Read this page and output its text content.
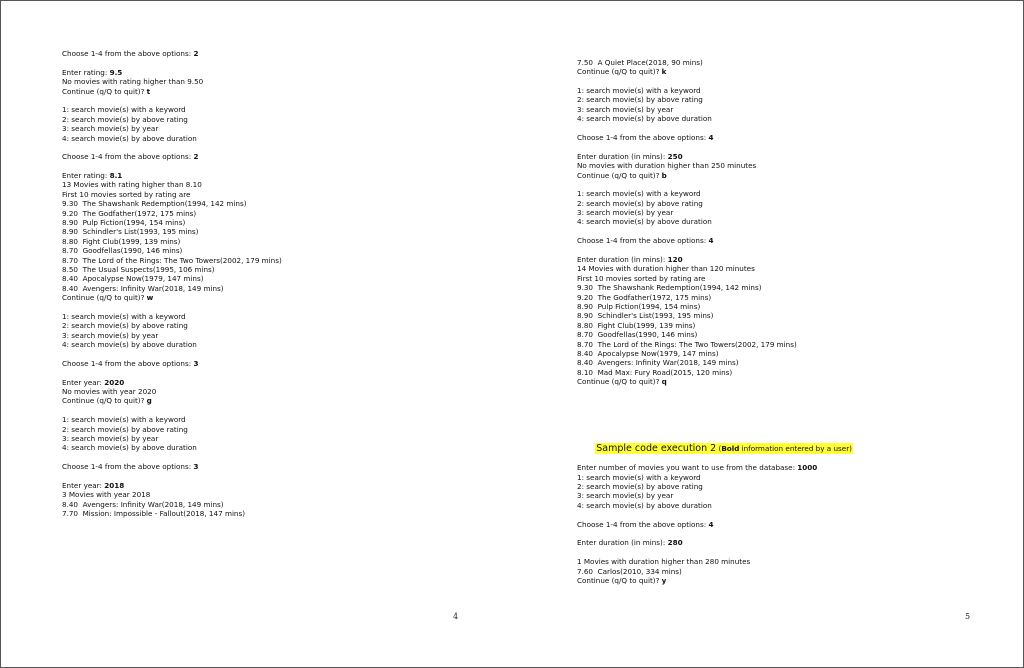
Choose 1-4 from the above options: 2
Enter rating: 9.5
No movies with rating higher than 9.50
Continue (q/Q to quit)? t
1: search movie(s) with a keyword
2: search movie(s) by above rating
3: search movie(s) by year
4: search movie(s) by above duration
Choose 1-4 from the above options: 2
Enter rating: 8.1
13 Movies with rating higher than 8.10
First 10 movies sorted by rating are
9.30  The Shawshank Redemption(1994, 142 mins)
9.20  The Godfather(1972, 175 mins)
8.90  Pulp Fiction(1994, 154 mins)
8.90  Schindler's List(1993, 195 mins)
8.80  Fight Club(1999, 139 mins)
8.70  Goodfellas(1990, 146 mins)
8.70  The Lord of the Rings: The Two Towers(2002, 179 mins)
8.50  The Usual Suspects(1995, 106 mins)
8.40  Apocalypse Now(1979, 147 mins)
8.40  Avengers: Infinity War(2018, 149 mins)
Continue (q/Q to quit)? w
1: search movie(s) with a keyword
2: search movie(s) by above rating
3: search movie(s) by year
4: search movie(s) by above duration
Choose 1-4 from the above options: 3
Enter year: 2020
No movies with year 2020
Continue (q/Q to quit)? g
1: search movie(s) with a keyword
2: search movie(s) by above rating
3: search movie(s) by year
4: search movie(s) by above duration
Choose 1-4 from the above options: 3
Enter year: 2018
3 Movies with year 2018
8.40  Avengers: Infinity War(2018, 149 mins)
7.70  Mission: Impossible - Fallout(2018, 147 mins)
4

7.50  A Quiet Place(2018, 90 mins)
Continue (q/Q to quit)? k
1: search movie(s) with a keyword
2: search movie(s) by above rating
3: search movie(s) by year
4: search movie(s) by above duration
Choose 1-4 from the above options: 4
Enter duration (in mins): 250
No movies with duration higher than 250 minutes
Continue (q/Q to quit)? b
1: search movie(s) with a keyword
2: search movie(s) by above rating
3: search movie(s) by year
4: search movie(s) by above duration
Choose 1-4 from the above options: 4
Enter duration (in mins): 120
14 Movies with duration higher than 120 minutes
First 10 movies sorted by rating are
9.30  The Shawshank Redemption(1994, 142 mins)
9.20  The Godfather(1972, 175 mins)
8.90  Pulp Fiction(1994, 154 mins)
8.90  Schindler's List(1993, 195 mins)
8.80  Fight Club(1999, 139 mins)
8.70  Goodfellas(1990, 146 mins)
8.70  The Lord of the Rings: The Two Towers(2002, 179 mins)
8.40  Apocalypse Now(1979, 147 mins)
8.40  Avengers: Infinity War(2018, 149 mins)
8.10  Mad Max: Fury Road(2015, 120 mins)
Continue (q/Q to quit)? q

Sample code execution 2 (Bold information entered by a user)

Enter number of movies you want to use from the database: 1000
1: search movie(s) with a keyword
2: search movie(s) by above rating
3: search movie(s) by year
4: search movie(s) by above duration
Choose 1-4 from the above options: 4
Enter duration (in mins): 280
1 Movies with duration higher than 280 minutes
7.60  Carlos(2010, 334 mins)
Continue (q/Q to quit)? y

5
